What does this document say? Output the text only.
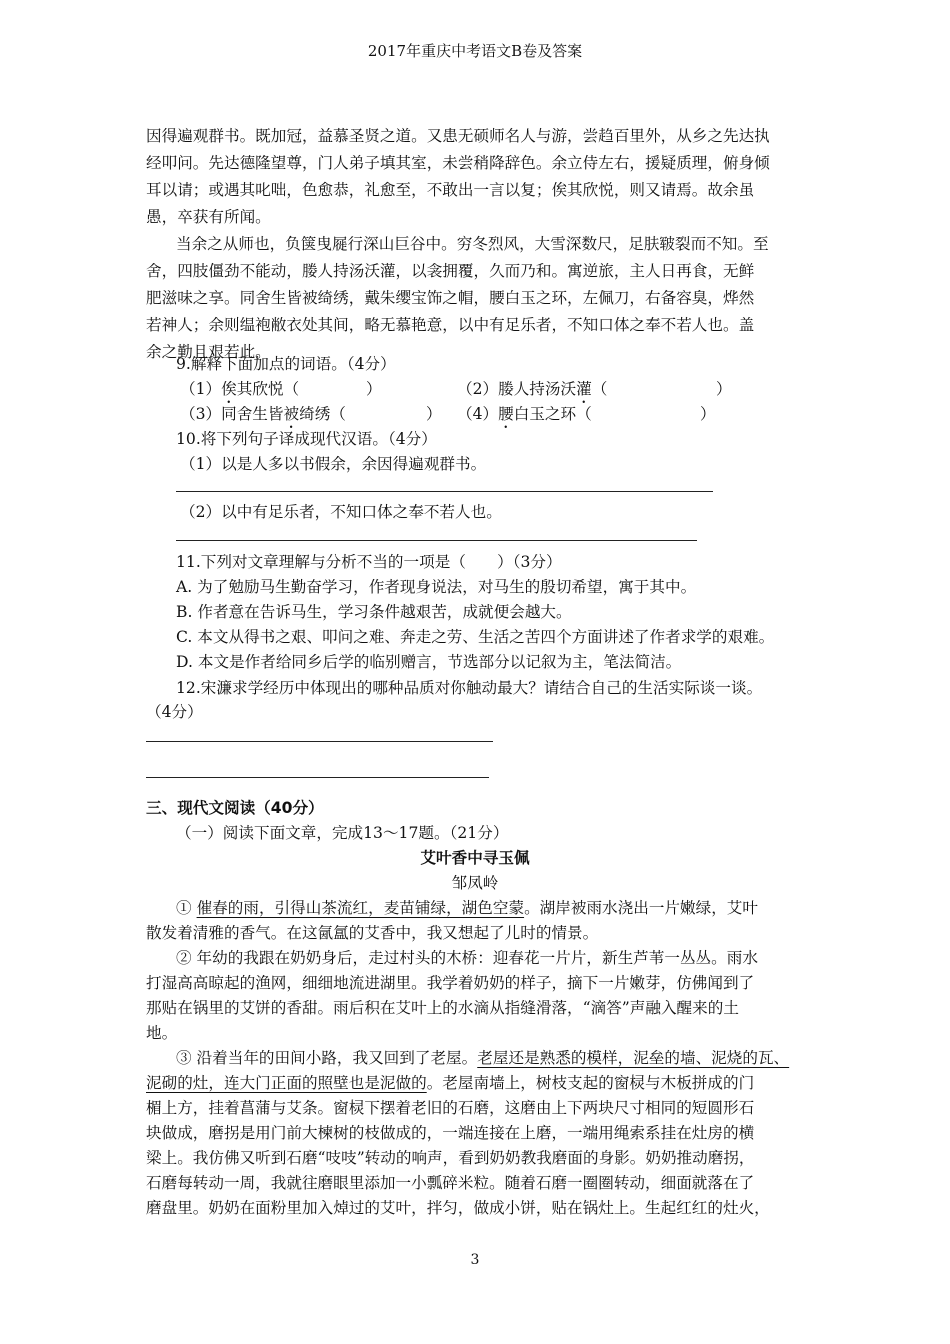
2017年重庆中考语文B卷及答案
因得遍观群书。既加冠，益慕圣贤之道。又患无硕师名人与游，尝趋百里外，从乡之先达执
经叩问。先达德隆望尊，门人弟子填其室，未尝稍降辞色。余立侍左右，援疑质理，俯身倾
耳以请；或遇其叱咄，色愈恭，礼愈至，不敢出一言以复；俟其欣悦，则又请焉。故余虽
愚，卒获有所闻。
当余之从师也，负箧曳屣行深山巨谷中。穷冬烈风，大雪深数尺，足肤皲裂而不知。至
舍，四肢僵劲不能动，媵人持汤沃灌，以衾拥覆，久而乃和。寓逆旅，主人日再食，无鲜
肥滋味之享。同舍生皆被绮绣，戴朱缨宝饰之帽，腰白玉之环，左佩刀，右备容臭，烨然
若神人；余则缊袍敝衣处其间，略无慕艳意，以中有足乐者，不知口体之奉不若人也。盖
余之勤且艰若此。
9.解释下面加点的词语。（4分）
（1）俟其欣悦（	）	（2）媵人持汤沃灌（	）
（3）同舍生皆被绮绣（	） （4）腰白玉之环（	）
10.将下列句子译成现代汉语。（4分）
（1）以是人多以书假余，余因得遍观群书。
（2）以中有足乐者，不知口体之奉不若人也。
11.下列对文章理解与分析不当的一项是（　　）（3分）
A. 为了勉励马生勤奋学习，作者现身说法，对马生的殷切希望，寓于其中。
B. 作者意在告诉马生，学习条件越艰苦，成就便会越大。
C. 本文从得书之艰、叩问之难、奔走之劳、生活之苦四个方面讲述了作者求学的艰难。
D. 本文是作者给同乡后学的临别赠言，节选部分以记叙为主，笔法简洁。
12.宋濂求学经历中体现出的哪种品质对你触动最大？请结合自己的生活实际谈一谈。
（4分）
三、现代文阅读（40分）
（一）阅读下面文章，完成13～17题。（21分）
艾叶香中寻玉佩
邹凤岭
① 催春的雨，引得山茶流红，麦苗铺绿，湖色空蒙。湖岸被雨水浇出一片嫩绿，艾叶
散发着清雅的香气。在这氤氲的艾香中，我又想起了儿时的情景。
② 年幼的我跟在奶奶身后，走过村头的木桥：迎春花一片片，新生芦苇一丛丛。雨水
打湿高高晾起的渔网，细细地流进湖里。我学着奶奶的样子，摘下一片嫩芽，仿佛闻到了
那贴在锅里的艾饼的香甜。雨后积在艾叶上的水滴从指缝滑落，“滴答”声融入醒来的土
地。
③ 沿着当年的田间小路，我又回到了老屋。老屋还是熟悉的模样，泥垒的墙、泥烧的瓦、
泥砌的灶，连大门正面的照壁也是泥做的。老屋南墙上，树枝支起的窗棂与木板拼成的门
楣上方，挂着菖蒲与艾条。窗棂下摆着老旧的石磨，这磨由上下两块尺寸相同的短圆形石
块做成，磨拐是用门前大楝树的枝做成的，一端连接在上磨，一端用绳索系挂在灶房的横
梁上。我仿佛又听到石磨“吱吱”转动的响声，看到奶奶教我磨面的身影。奶奶推动磨拐，
石磨每转动一周，我就往磨眼里添加一小瓢碎米粒。随着石磨一圈圈转动，细面就落在了
磨盘里。奶奶在面粉里加入焯过的艾叶，拌匀，做成小饼，贴在锅灶上。生起红红的灶火，
3
